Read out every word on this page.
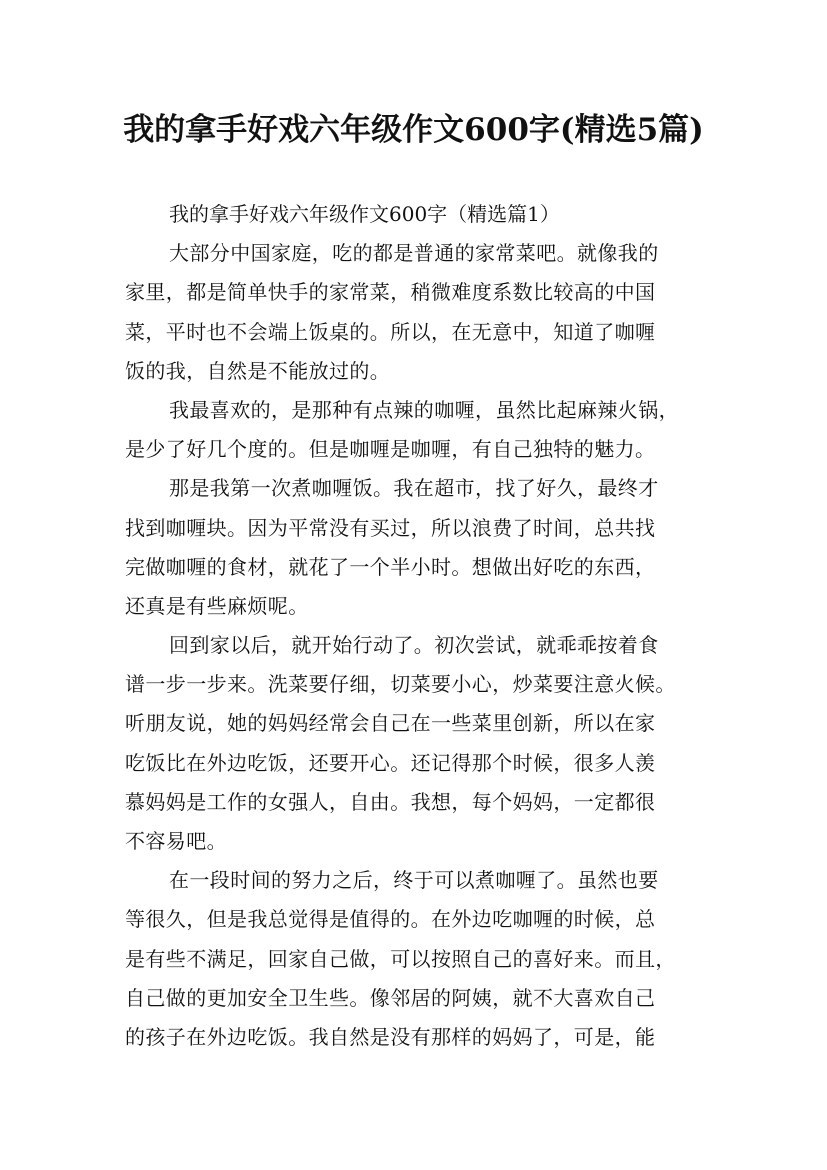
我的拿手好戏六年级作文600字(精选5篇)
我的拿手好戏六年级作文600字（精选篇1）
大部分中国家庭，吃的都是普通的家常菜吧。就像我的
家里，都是简单快手的家常菜，稍微难度系数比较高的中国
菜，平时也不会端上饭桌的。所以，在无意中，知道了咖喱
饭的我，自然是不能放过的。
我最喜欢的，是那种有点辣的咖喱，虽然比起麻辣火锅，
是少了好几个度的。但是咖喱是咖喱，有自己独特的魅力。
那是我第一次煮咖喱饭。我在超市，找了好久，最终才
找到咖喱块。因为平常没有买过，所以浪费了时间，总共找
完做咖喱的食材，就花了一个半小时。想做出好吃的东西，
还真是有些麻烦呢。
回到家以后，就开始行动了。初次尝试，就乖乖按着食
谱一步一步来。洗菜要仔细，切菜要小心，炒菜要注意火候。
听朋友说，她的妈妈经常会自己在一些菜里创新，所以在家
吃饭比在外边吃饭，还要开心。还记得那个时候，很多人羡
慕妈妈是工作的女强人，自由。我想，每个妈妈，一定都很
不容易吧。
在一段时间的努力之后，终于可以煮咖喱了。虽然也要
等很久，但是我总觉得是值得的。在外边吃咖喱的时候，总
是有些不满足，回家自己做，可以按照自己的喜好来。而且，
自己做的更加安全卫生些。像邻居的阿姨，就不大喜欢自己
的孩子在外边吃饭。我自然是没有那样的妈妈了，可是，能
